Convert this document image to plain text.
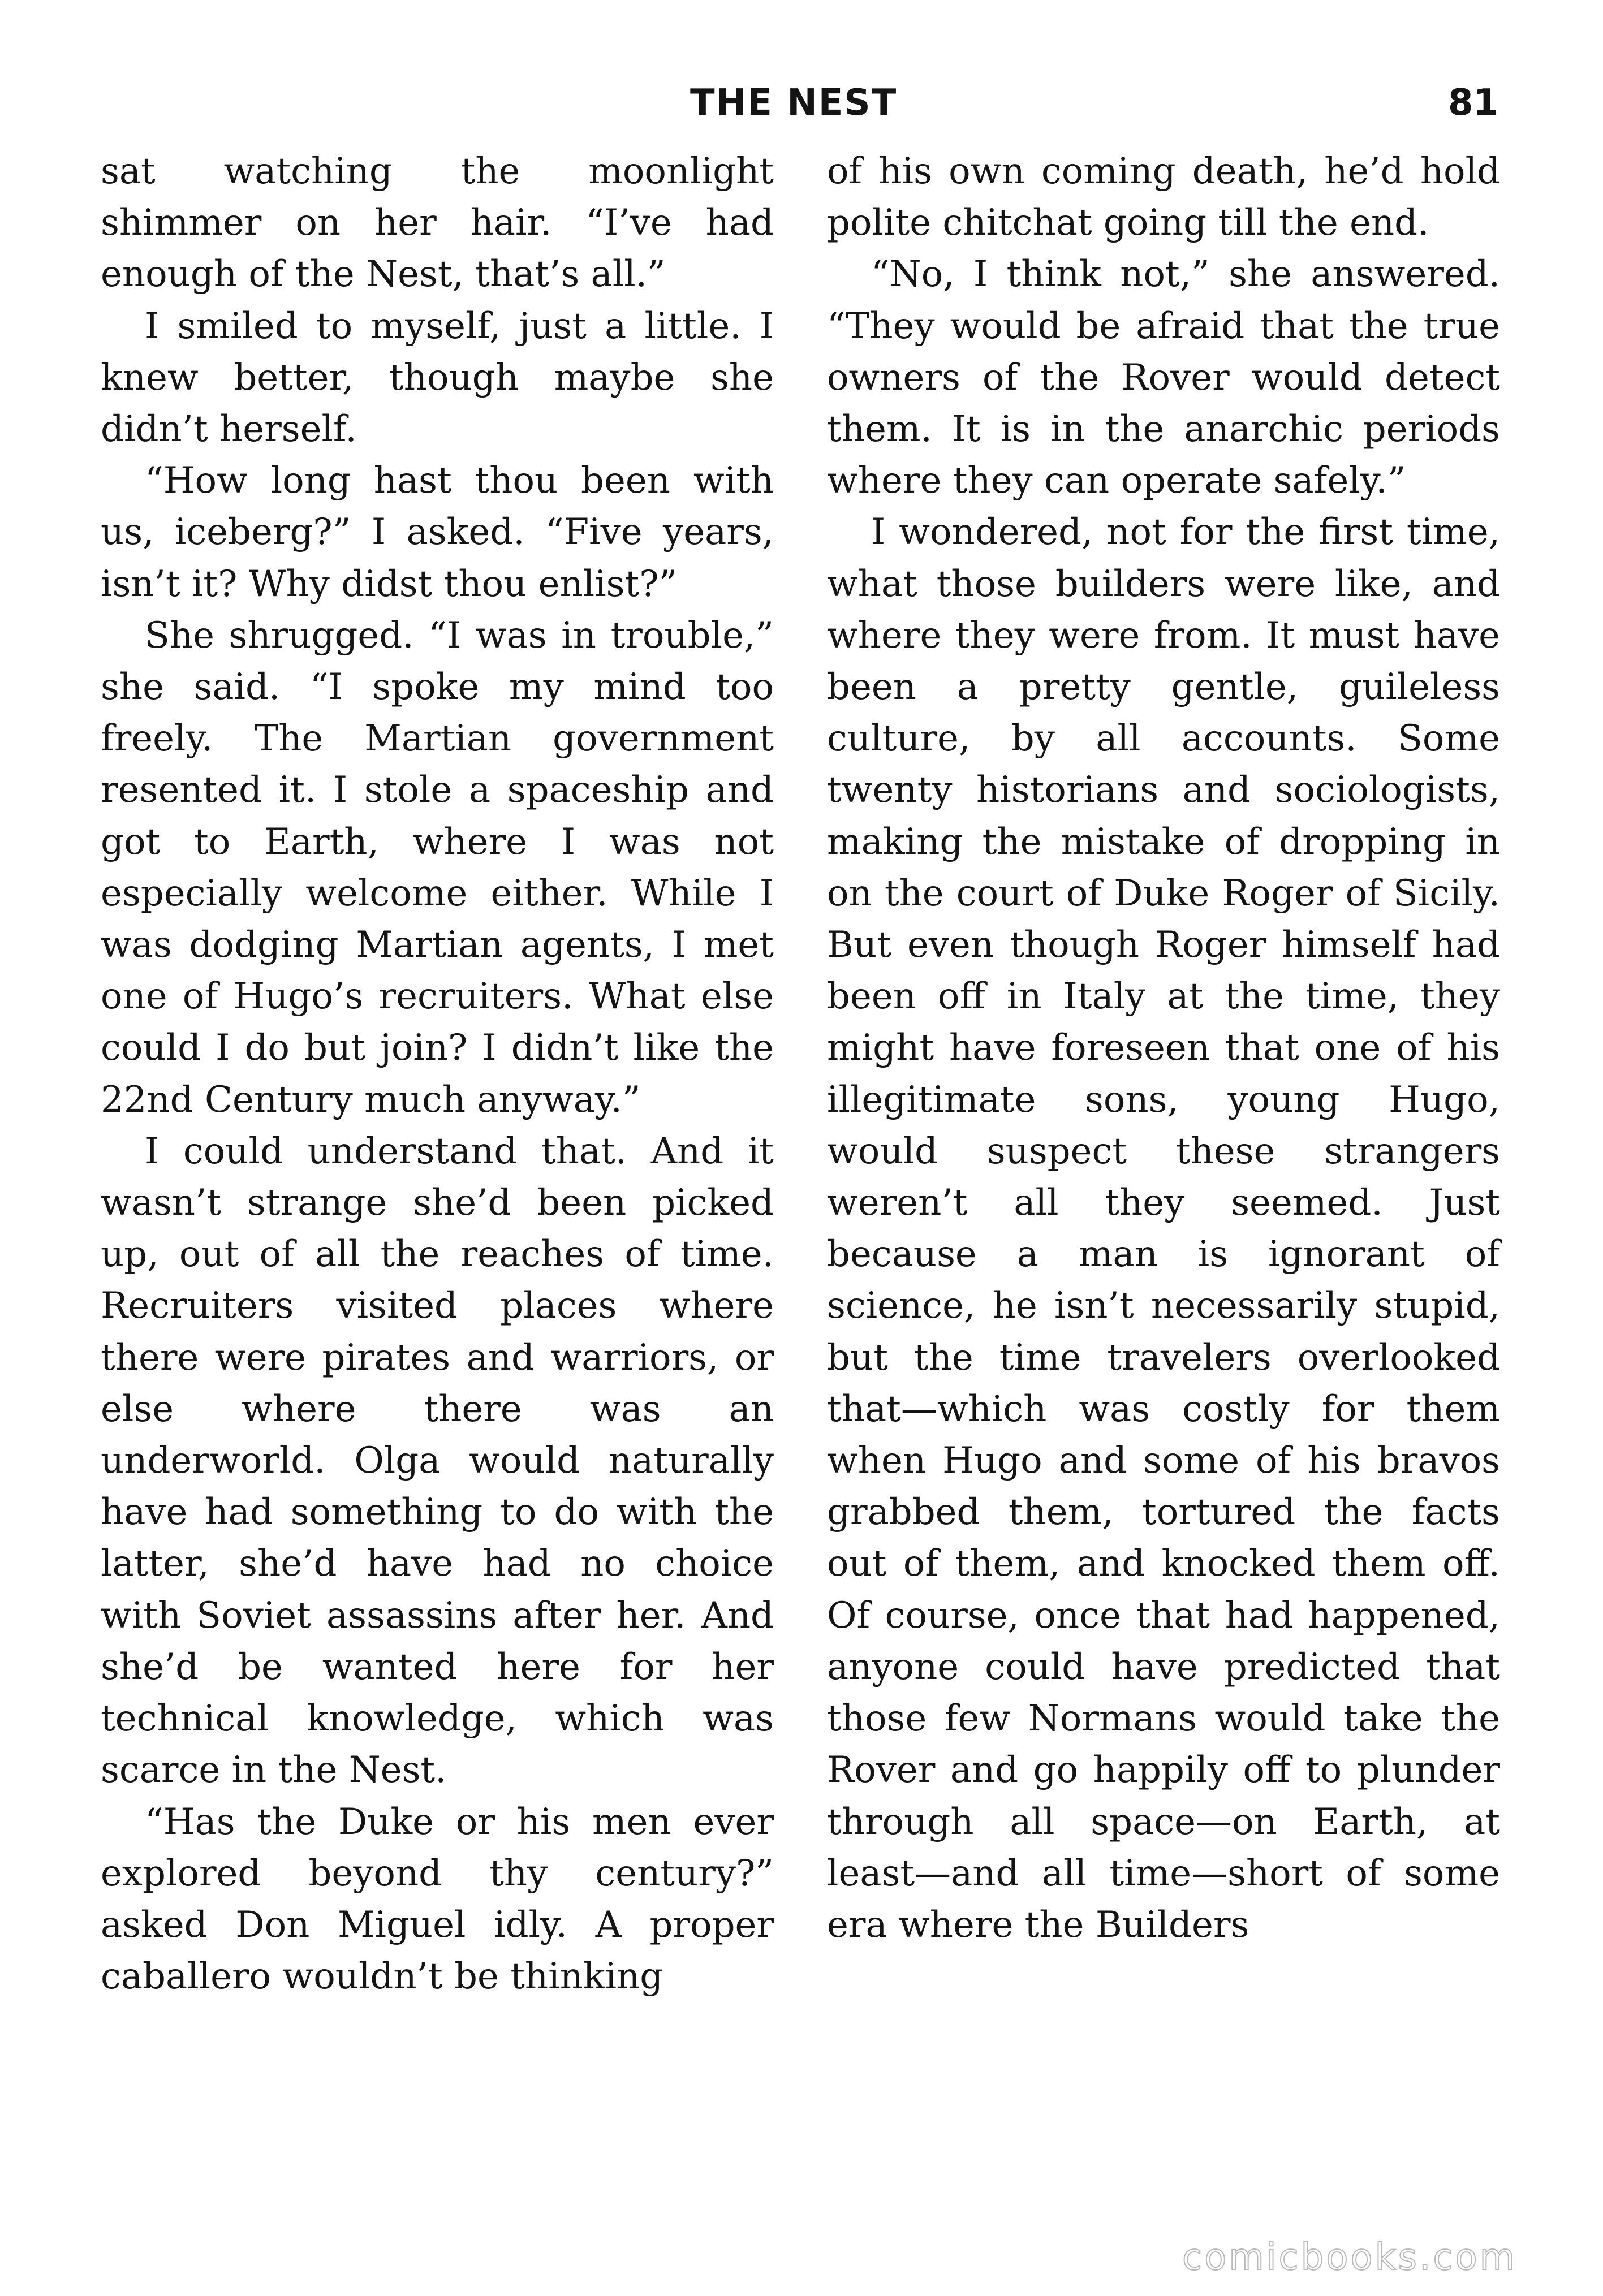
THE NEST	81

sat watching the moonlight shimmer on her hair. “I’ve had enough of the Nest, that’s all.”

I smiled to myself, just a little. I knew better, though maybe she didn’t herself.

“How long hast thou been with us, iceberg?” I asked. “Five years, isn’t it? Why didst thou enlist?”

She shrugged. “I was in trouble,” she said. “I spoke my mind too freely. The Martian government resented it. I stole a spaceship and got to Earth, where I was not especially welcome either. While I was dodging Martian agents, I met one of Hugo’s recruiters. What else could I do but join? I didn’t like the 22nd Century much anyway.”

I could understand that. And it wasn’t strange she’d been picked up, out of all the reaches of time. Recruiters visited places where there were pirates and warriors, or else where there was an underworld. Olga would naturally have had something to do with the latter, she’d have had no choice with Soviet assassins after her. And she’d be wanted here for her technical knowledge, which was scarce in the Nest.

“Has the Duke or his men ever explored beyond thy century?” asked Don Miguel idly. A proper caballero wouldn’t be thinking

of his own coming death, he’d hold polite chitchat going till the end.

“No, I think not,” she answered. “They would be afraid that the true owners of the Rover would detect them. It is in the anarchic periods where they can operate safely.”

I wondered, not for the first time, what those builders were like, and where they were from. It must have been a pretty gentle, guileless culture, by all accounts. Some twenty historians and sociologists, making the mistake of dropping in on the court of Duke Roger of Sicily. But even though Roger himself had been off in Italy at the time, they might have foreseen that one of his illegitimate sons, young Hugo, would suspect these strangers weren’t all they seemed. Just because a man is ignorant of science, he isn’t necessarily stupid, but the time travelers overlooked that—which was costly for them when Hugo and some of his bravos grabbed them, tortured the facts out of them, and knocked them off. Of course, once that had happened, anyone could have predicted that those few Normans would take the Rover and go happily off to plunder through all space—on Earth, at least—and all time—short of some era where the Builders

comicbooks.com
